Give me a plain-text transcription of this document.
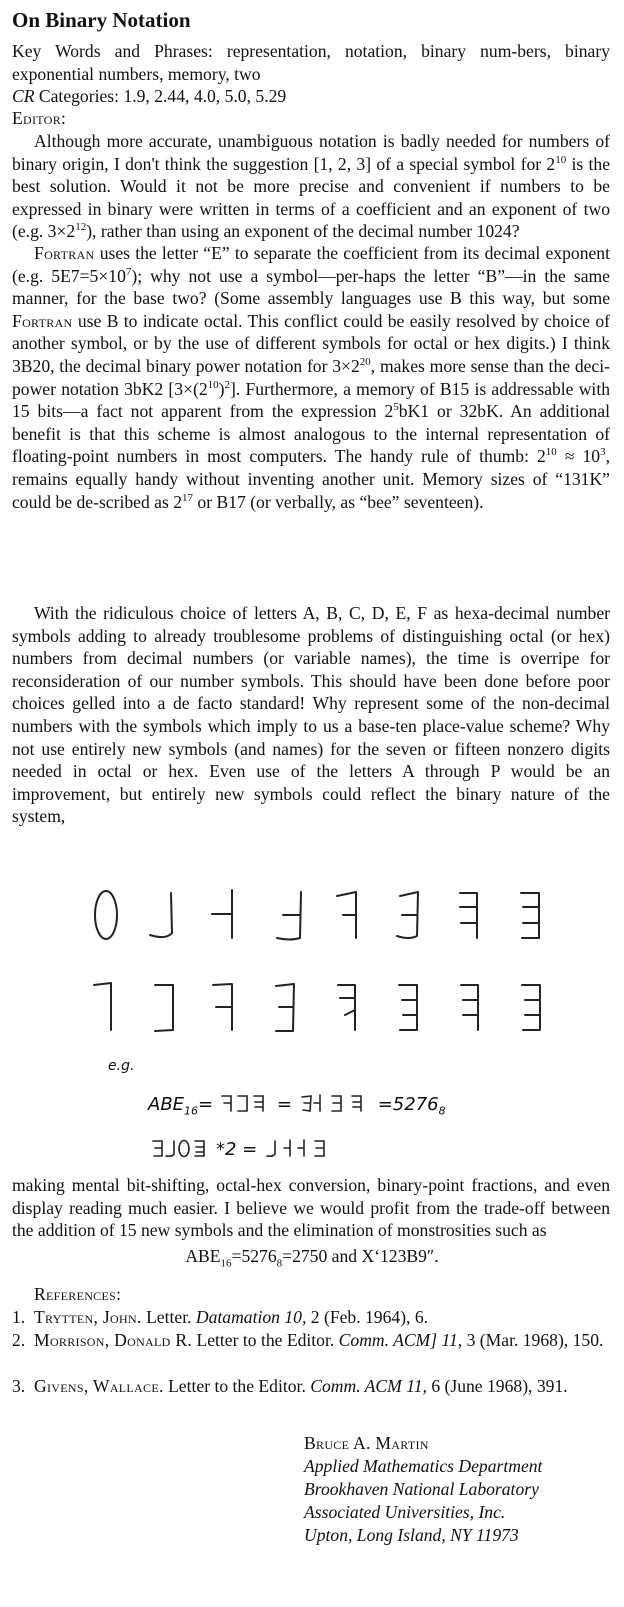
On Binary Notation
Key Words and Phrases: representation, notation, binary num-bers, binary exponential numbers, memory, two
CR Categories: 1.9, 2.44, 4.0, 5.0, 5.29
Editor:
Although more accurate, unambiguous notation is badly needed for numbers of binary origin, I don't think the suggestion [1, 2, 3] of a special symbol for $2^{10}$ is the best solution. Would it not be more precise and convenient if numbers to be expressed in binary were written in terms of a coefficient and an exponent of two (e.g. $3\times 2^{12}$), rather than using an exponent of the decimal number 1024?
Fortran uses the letter “E” to separate the coefficient from its decimal exponent (e.g. $5E7=5\times 10^7$); why not use a symbol—per-haps the letter “B”—in the same manner, for the base two? (Some assembly languages use B this way, but some Fortran use B to indicate octal. This conflict could be easily resolved by choice of another symbol, or by the use of different symbols for octal or hex digits.) I think 3B20, the decimal binary power notation for $3\times 2^{20}$, makes more sense than the deci-power notation 3bK2 $[3\times(2^{10})^2]$. Furthermore, a memory of B15 is addressable with 15 bits—a fact not apparent from the expression $2^5bK1$ or 32bK. An additional benefit is that this scheme is almost analogous to the internal representation of floating-point numbers in most computers. The handy rule of thumb: $2^{10} \approx 10^3$, remains equally handy without inventing another unit. Memory sizes of “131K” could be de-scribed as $2^{17}$ or B17 (or verbally, as “bee” seventeen).
With the ridiculous choice of letters A, B, C, D, E, F as hexa-decimal number symbols adding to already troublesome problems of distinguishing octal (or hex) numbers from decimal numbers (or variable names), the time is overripe for reconsideration of our number symbols. This should have been done before poor choices gelled into a de facto standard! Why represent some of the non-decimal numbers with the symbols which imply to us a base-ten place-value scheme? Why not use entirely new symbols (and names) for the seven or fifteen nonzero digits needed in octal or hex. Even use of the letters A through P would be an improvement, but entirely new symbols could reflect the binary nature of the system,
e.g.
$ABE_{16}=$	=	$=5276_8$
*2 =
making mental bit-shifting, octal-hex conversion, binary-point fractions, and even display reading much easier. I believe we would profit from the trade-off between the addition of 15 new symbols and the elimination of monstrosities such as
$ABE_{16}=5276_8=2750$ and X‘123B9″.
References:
1. Trytten, John. Letter. Datamation 10, 2 (Feb. 1964), 6.
2. Morrison, Donald R. Letter to the Editor. Comm. ACM] 11, 3 (Mar. 1968), 150.
3. Givens, Wallace. Letter to the Editor. Comm. ACM 11, 6 (June 1968), 391.
Bruce A. Martin
Applied Mathematics Department
Brookhaven National Laboratory
Associated Universities, Inc.
Upton, Long Island, NY 11973
